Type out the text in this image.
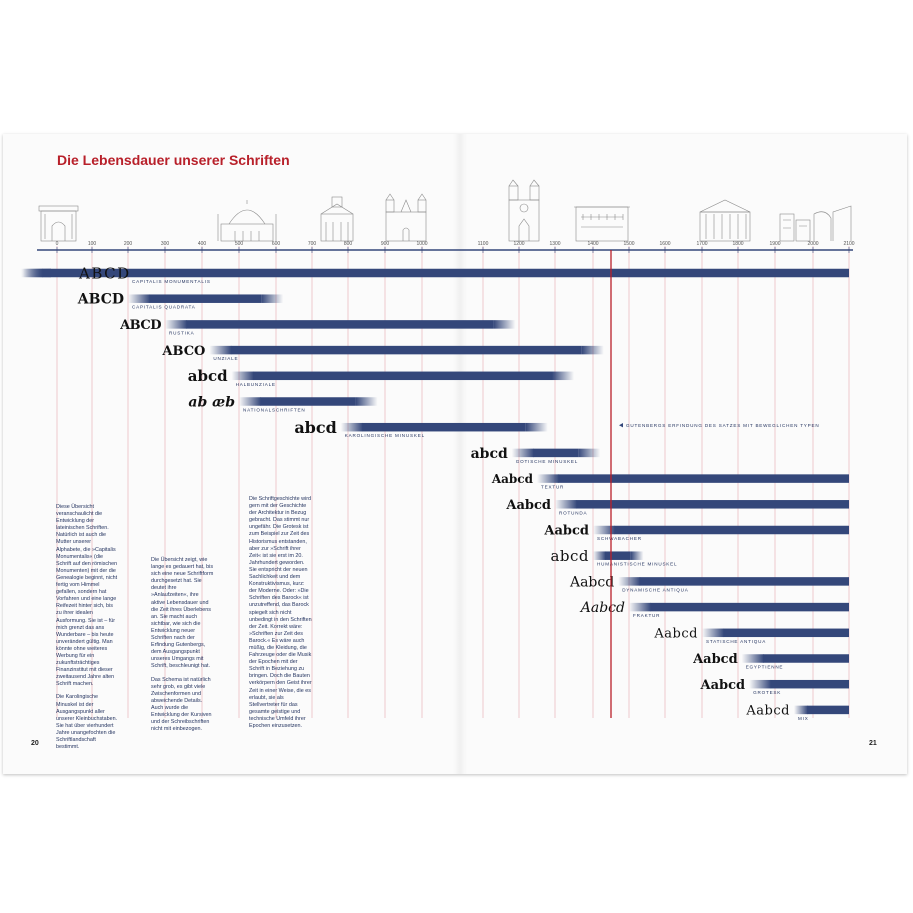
Die Lebensdauer unserer Schriften
0	100	200	300	400	500	600	700	800	900	1000	1100	1200	1300	1400	1500	1600	1700	1800	1900	2000	2100
ABCD CAPITALIS MONUMENTALIS
ABCD CAPITALIS QUADRATA
ABCD RUSTIKA
ABCO UNZIALE
abcd HALBUNZIALE
ab æb NATIONALSCHRIFTEN
abcd KAROLINGISCHE MINUSKEL
abcd GOTISCHE MINUSKEL
Aabcd
TEXTUR
Aabcd ROTUNDA
Aabcd SCHWABACHER
abcd HUMANISTISCHE MINUSKEL
Aabcd DYNAMISCHE ANTIQUA
Aabcd FRAKTUR
Aabcd STATISCHE ANTIQUA
Aabcd EGYPTIENNE
Aabcd GROTESK
Aabcd MIX
GUTENBERGS ERFINDUNG DES SATZES MIT BEWEGLICHEN TYPEN

Diese Übersicht veranschaulicht die Entwicklung der lateinischen Schriften. Natürlich ist auch die Mutter unserer Alphabete, die »Capitalis Monumentalis« (die Schrift auf den römischen Monumenten) mit der die Genealogie beginnt, nicht fertig vom Himmel gefallen, sondern hat Vorfahren und eine lange Reifezeit hinter sich, bis zu ihrer idealen Ausformung. Sie ist – für mich grenzt das ans Wunderbare – bis heute unverändert gültig. Man könnte ohne weiteres Werbung für ein zukunftsträchtiges Finanzinstitut mit dieser zweitausend Jahre alten Schrift machen.

Die Karolingische Minuskel ist der Ausgangspunkt aller unserer Kleinbuchstaben. Sie hat über vierhundert Jahre unangefochten die Schriftlandschaft bestimmt.

Die Übersicht zeigt, wie lange es gedauert hat, bis sich eine neue Schriftform durchgesetzt hat. Sie deutet ihre »Anlaufzeiten«, ihre aktive Lebensdauer und die Zeit ihres Überlebens an. Sie macht auch sichtbar, wie sich die Entwicklung neuer Schriften nach der Erfindung Gutenbergs, dem Ausgangspunkt unseres Umgangs mit Schrift, beschleunigt hat.

Das Schema ist natürlich sehr grob, es gibt viele Zwischenformen und abweichende Details. Auch wurde die Entwicklung der Kursiven und der Schreibschriften nicht mit einbezogen.

Die Schriftgeschichte wird gern mit der Geschichte der Architektur in Bezug gebracht. Das stimmt nur ungefähr. Die Grotesk ist zum Beispiel zur Zeit des Historismus entstanden, aber zur »Schrift ihrer Zeit« ist sie erst im 20. Jahrhundert geworden. Sie entspricht der neuen Sachlichkeit und dem Konstruktivismus, kurz: der Moderne. Oder: »Die Schriften des Barock« ist unzutreffend, das Barock spiegelt sich nicht unbedingt in den Schriften der Zeit. Korrekt wäre: »Schriften zur Zeit des Barock.« Es wäre auch müßig, die Kleidung, die Fahrzeuge oder die Musik der Epochen mit der Schrift in Beziehung zu bringen. Doch die Bauten verkörpern den Geist ihrer Zeit in einer Weise, die es erlaubt, sie als Stellvertreter für das gesamte geistige und technische Umfeld ihrer Epochen einzusetzen.

20	21
